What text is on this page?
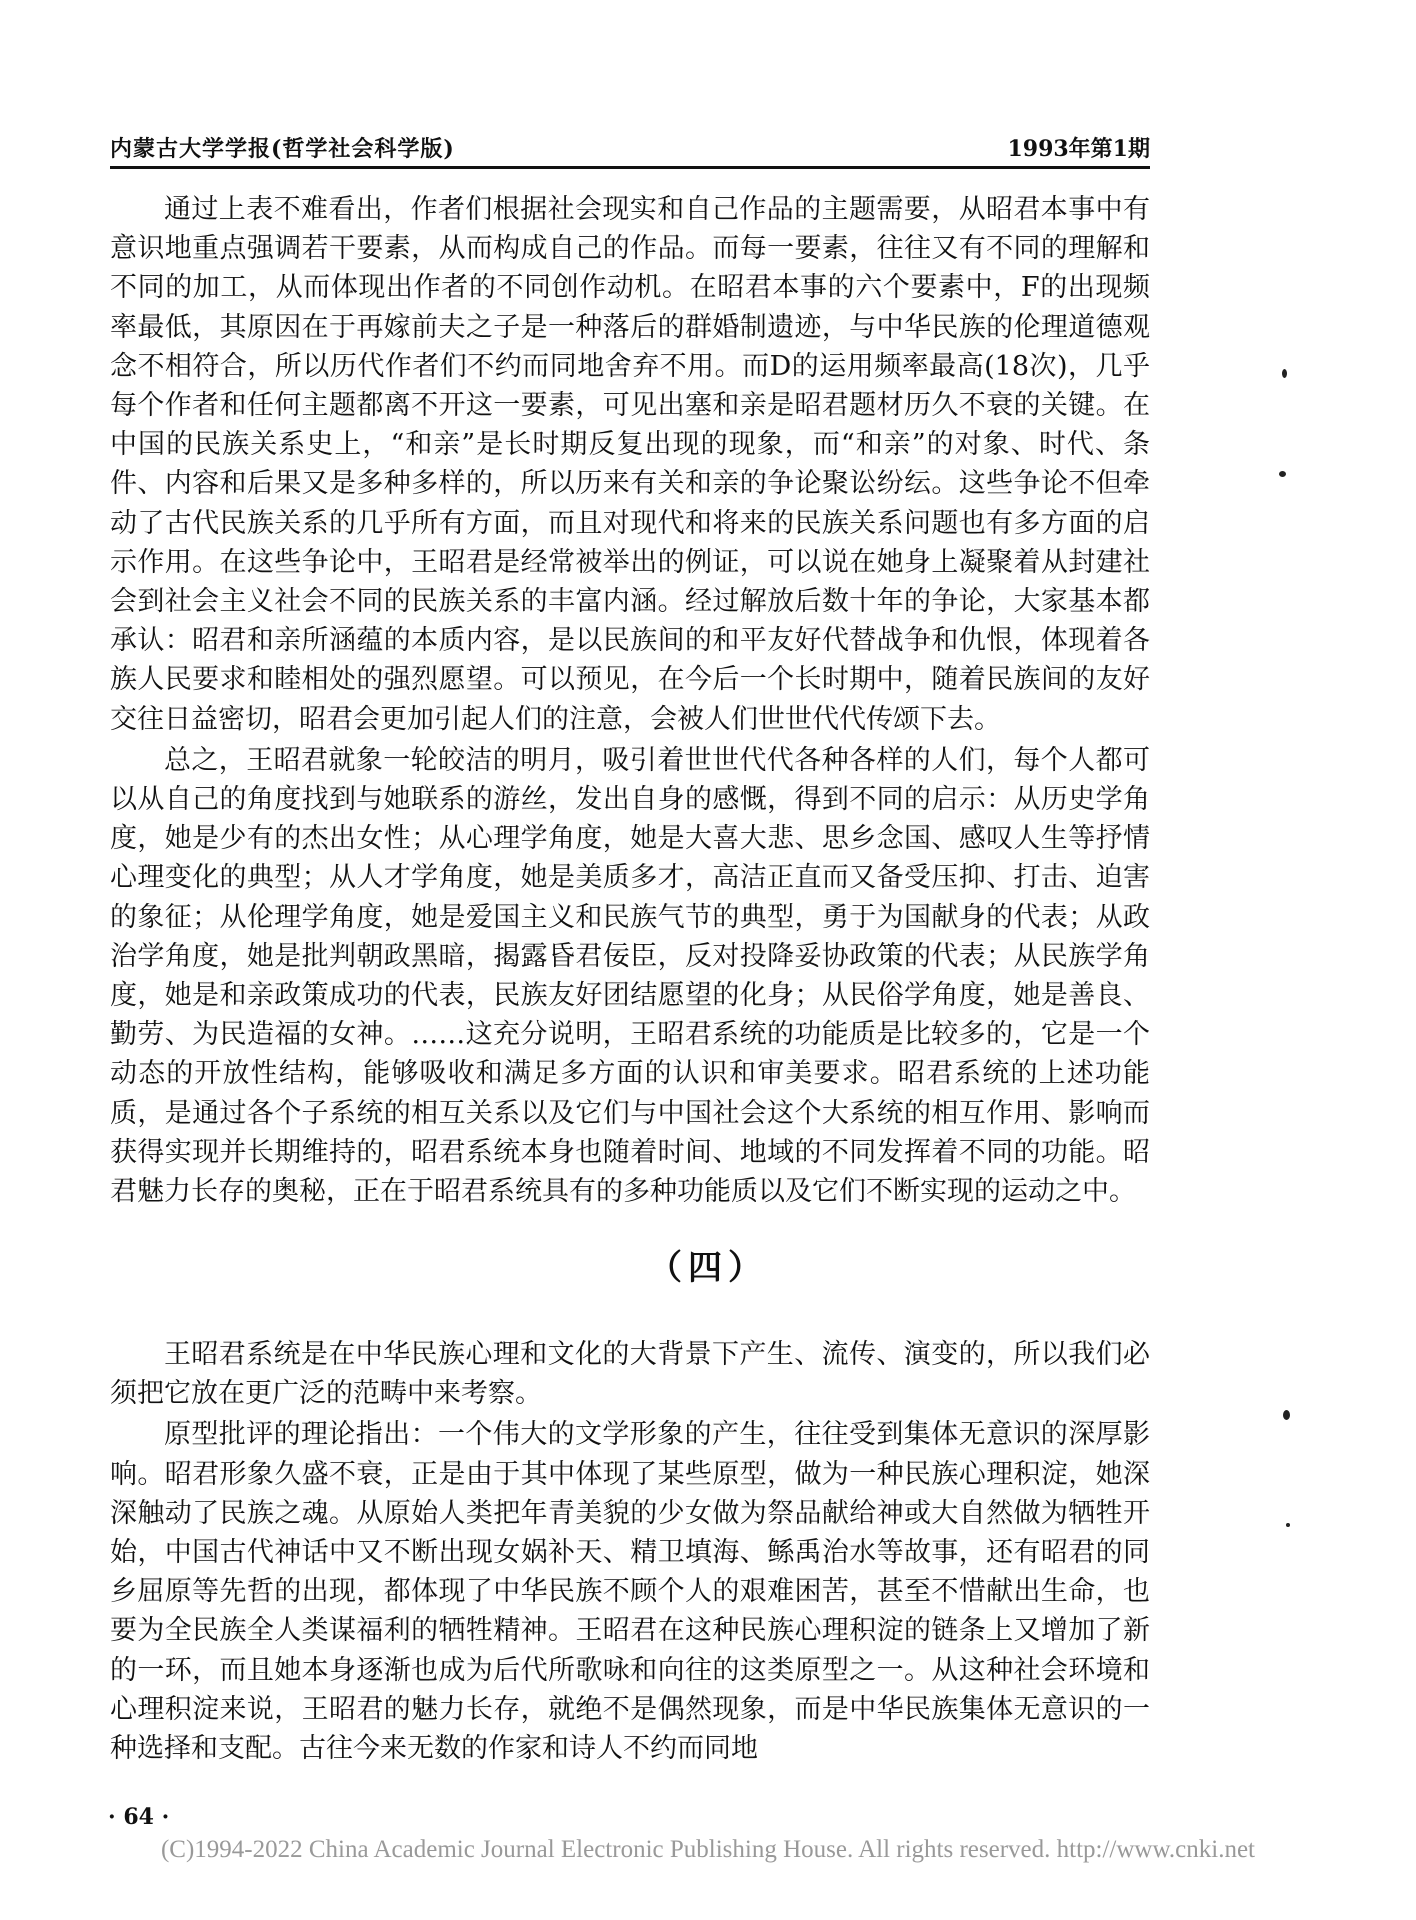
内蒙古大学学报(哲学社会科学版)	1993年第1期

通过上表不难看出，作者们根据社会现实和自己作品的主题需要，从昭君本事中有意识地重点强调若干要素，从而构成自己的作品。而每一要素，往往又有不同的理解和不同的加工，从而体现出作者的不同创作动机。在昭君本事的六个要素中，F的出现频率最低，其原因在于再嫁前夫之子是一种落后的群婚制遗迹，与中华民族的伦理道德观念不相符合，所以历代作者们不约而同地舍弃不用。而D的运用频率最高(18次)，几乎每个作者和任何主题都离不开这一要素，可见出塞和亲是昭君题材历久不衰的关键。在中国的民族关系史上，“和亲”是长时期反复出现的现象，而“和亲”的对象、时代、条件、内容和后果又是多种多样的，所以历来有关和亲的争论聚讼纷纭。这些争论不但牵动了古代民族关系的几乎所有方面，而且对现代和将来的民族关系问题也有多方面的启示作用。在这些争论中，王昭君是经常被举出的例证，可以说在她身上凝聚着从封建社会到社会主义社会不同的民族关系的丰富内涵。经过解放后数十年的争论，大家基本都承认：昭君和亲所涵蕴的本质内容，是以民族间的和平友好代替战争和仇恨，体现着各族人民要求和睦相处的强烈愿望。可以预见，在今后一个长时期中，随着民族间的友好交往日益密切，昭君会更加引起人们的注意，会被人们世世代代传颂下去。

总之，王昭君就象一轮皎洁的明月，吸引着世世代代各种各样的人们，每个人都可以从自己的角度找到与她联系的游丝，发出自身的感慨，得到不同的启示：从历史学角度，她是少有的杰出女性；从心理学角度，她是大喜大悲、思乡念国、感叹人生等抒情心理变化的典型；从人才学角度，她是美质多才，高洁正直而又备受压抑、打击、迫害的象征；从伦理学角度，她是爱国主义和民族气节的典型，勇于为国献身的代表；从政治学角度，她是批判朝政黑暗，揭露昏君佞臣，反对投降妥协政策的代表；从民族学角度，她是和亲政策成功的代表，民族友好团结愿望的化身；从民俗学角度，她是善良、勤劳、为民造福的女神。……这充分说明，王昭君系统的功能质是比较多的，它是一个动态的开放性结构，能够吸收和满足多方面的认识和审美要求。昭君系统的上述功能质，是通过各个子系统的相互关系以及它们与中国社会这个大系统的相互作用、影响而获得实现并长期维持的，昭君系统本身也随着时间、地域的不同发挥着不同的功能。昭君魅力长存的奥秘，正在于昭君系统具有的多种功能质以及它们不断实现的运动之中。

（四）

王昭君系统是在中华民族心理和文化的大背景下产生、流传、演变的，所以我们必须把它放在更广泛的范畴中来考察。

原型批评的理论指出：一个伟大的文学形象的产生，往往受到集体无意识的深厚影响。昭君形象久盛不衰，正是由于其中体现了某些原型，做为一种民族心理积淀，她深深触动了民族之魂。从原始人类把年青美貌的少女做为祭品献给神或大自然做为牺牲开始，中国古代神话中又不断出现女娲补天、精卫填海、鲧禹治水等故事，还有昭君的同乡屈原等先哲的出现，都体现了中华民族不顾个人的艰难困苦，甚至不惜献出生命，也要为全民族全人类谋福利的牺牲精神。王昭君在这种民族心理积淀的链条上又增加了新的一环，而且她本身逐渐也成为后代所歌咏和向往的这类原型之一。从这种社会环境和心理积淀来说，王昭君的魅力长存，就绝不是偶然现象，而是中华民族集体无意识的一种选择和支配。古往今来无数的作家和诗人不约而同地

· 64 ·
(C)1994-2022 China Academic Journal Electronic Publishing House. All rights reserved. http://www.cnki.net
